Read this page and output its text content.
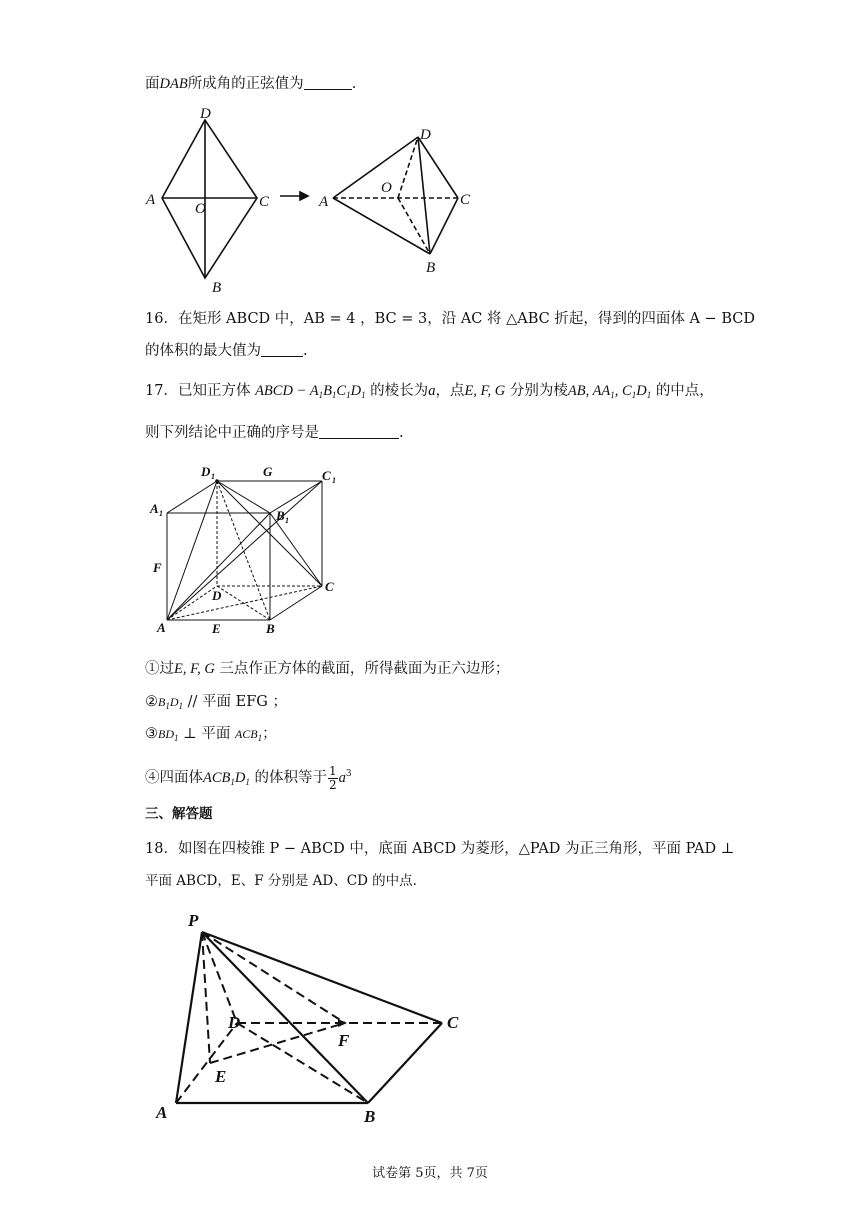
面DAB所成角的正弦值为	.
D
A
O	C
B
D
A
O
C
B
16．在矩形 ABCD 中，AB = 4 ，BC = 3，沿 AC 将 △ABC 折起，得到的四面体 A − BCD
的体积的最大值为	.
17．已知正方体 ABCD − $A_1B_1C_1D_1$ 的棱长为a，点E, F, G 分别为棱AB, $AA_1$, $C_1D_1$ 的中点，
则下列结论中正确的序号是	.
D 1	G	C 1
A 1	B 1
F
C
D
A	E	B
①过E, F, G 三点作正方体的截面，所得截面为正六边形；
$②B_1D_1$ // 平面 EFG ；
$③BD_1$ ⊥ 平面 $ACB_1$；
④四面体$ACB_1D_1$ 的体积等于 $\frac{1}{2} a^3$
三、解答题
18．如图在四棱锥 P − ABCD 中，底面 ABCD 为菱形，△PAD 为正三角形，平面 PAD ⊥
平面 ABCD，E、F 分别是 AD、CD 的中点.
P
D
F
C
E
A	B
试卷第 5页，共 7页
